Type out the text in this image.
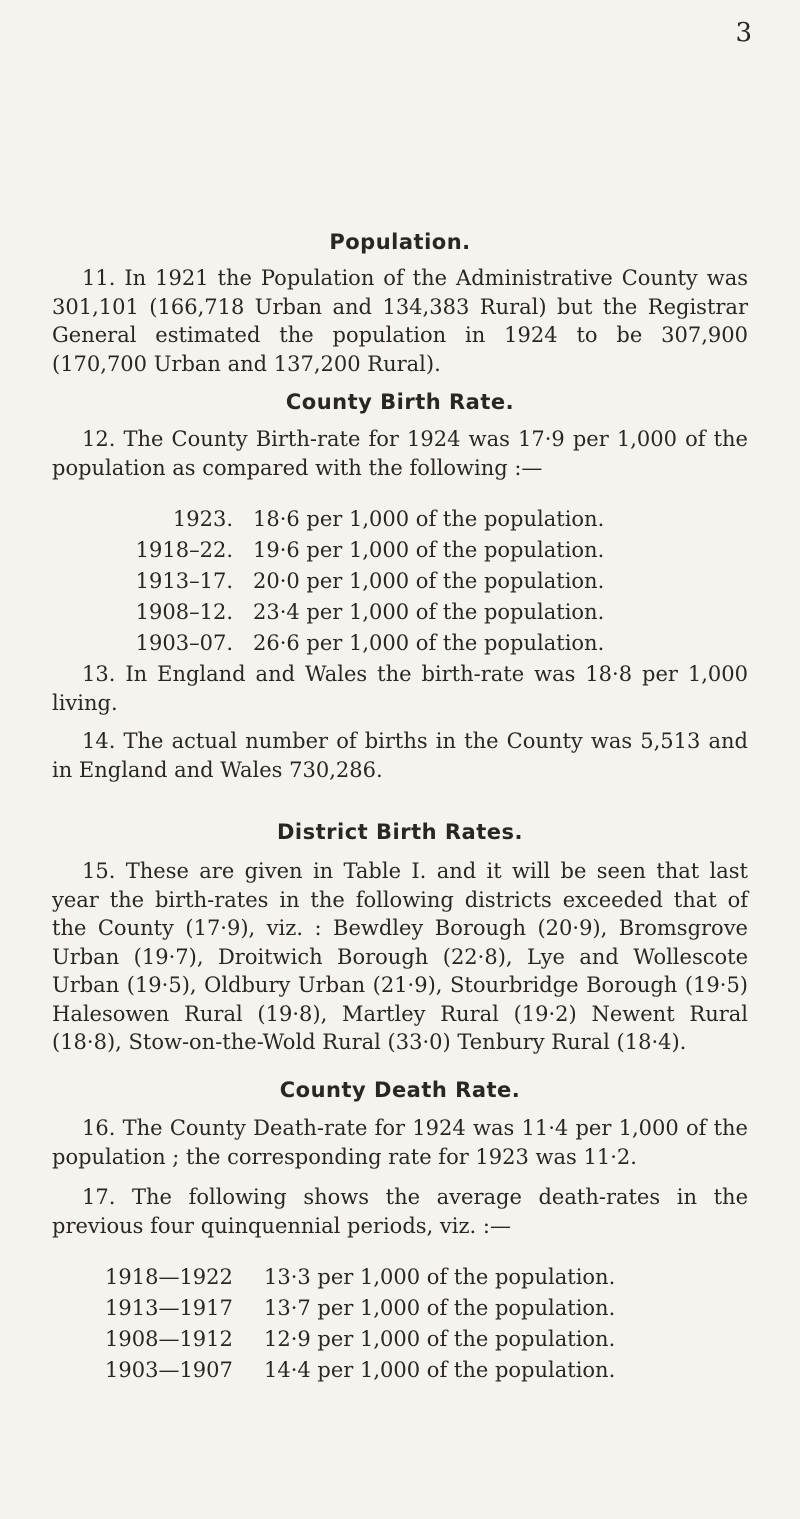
3
Population.

11. In 1921 the Population of the Administrative County was 301,101 (166,718 Urban and 134,383 Rural) but the Registrar General estimated the population in 1924 to be 307,900 (170,700 Urban and 137,200 Rural).

County Birth Rate.

12. The County Birth-rate for 1924 was 17·9 per 1,000 of the population as compared with the following :—

1923. 18·6 per 1,000 of the population.
1918–22. 19·6 per 1,000 of the population.
1913–17. 20·0 per 1,000 of the population.
1908–12. 23·4 per 1,000 of the population.
1903–07. 26·6 per 1,000 of the population.

13. In England and Wales the birth-rate was 18·8 per 1,000 living.

14. The actual number of births in the County was 5,513 and in England and Wales 730,286.

District Birth Rates.

15. These are given in Table I. and it will be seen that last year the birth-rates in the following districts exceeded that of the County (17·9), viz. : Bewdley Borough (20·9), Bromsgrove Urban (19·7), Droitwich Borough (22·8), Lye and Wollescote Urban (19·5), Oldbury Urban (21·9), Stourbridge Borough (19·5) Halesowen Rural (19·8), Martley Rural (19·2) Newent Rural (18·8), Stow-on-the-Wold Rural (33·0) Tenbury Rural (18·4).

County Death Rate.

16. The County Death-rate for 1924 was 11·4 per 1,000 of the population ; the corresponding rate for 1923 was 11·2.

17. The following shows the average death-rates in the previous four quinquennial periods, viz. :—

1918—1922 13·3 per 1,000 of the population.
1913—1917 13·7 per 1,000 of the population.
1908—1912 12·9 per 1,000 of the population.
1903—1907 14·4 per 1,000 of the population.
